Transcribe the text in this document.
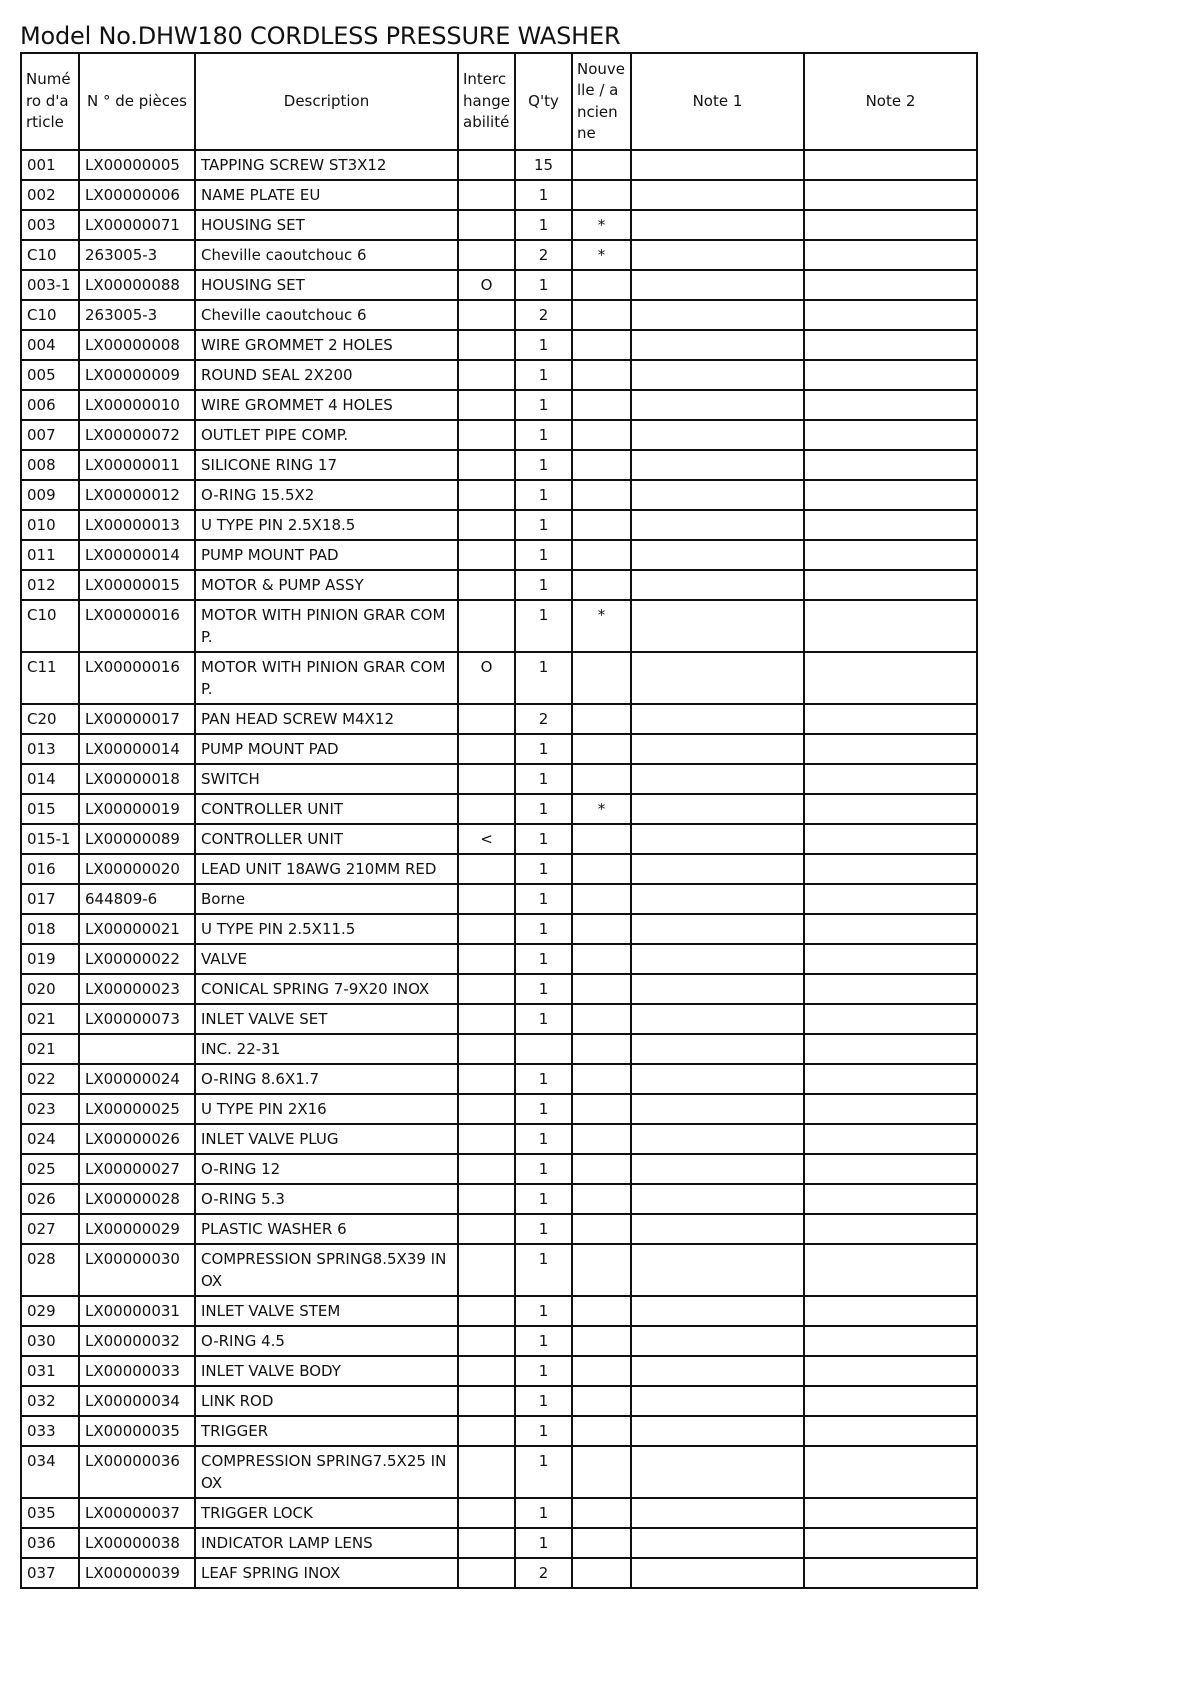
Model No.DHW180 CORDLESS PRESSURE WASHER
Numéro d'article	N ° de pièces	Description	Interchangeabilité	Q'ty	Nouvelle / ancienne	Note 1	Note 2
001	LX00000005	TAPPING SCREW ST3X12		15			
002	LX00000006	NAME PLATE EU		1			
003	LX00000071	HOUSING SET		1	*		
C10	263005-3	Cheville caoutchouc 6		2	*		
003-1	LX00000088	HOUSING SET	O	1			
C10	263005-3	Cheville caoutchouc 6		2			
004	LX00000008	WIRE GROMMET 2 HOLES		1			
005	LX00000009	ROUND SEAL 2X200		1			
006	LX00000010	WIRE GROMMET 4 HOLES		1			
007	LX00000072	OUTLET PIPE COMP.		1			
008	LX00000011	SILICONE RING 17		1			
009	LX00000012	O-RING 15.5X2		1			
010	LX00000013	U TYPE PIN 2.5X18.5		1			
011	LX00000014	PUMP MOUNT PAD		1			
012	LX00000015	MOTOR & PUMP ASSY		1			
C10	LX00000016	MOTOR WITH PINION GRAR COMP.		1	*		
C11	LX00000016	MOTOR WITH PINION GRAR COMP.	O	1			
C20	LX00000017	PAN HEAD SCREW M4X12		2			
013	LX00000014	PUMP MOUNT PAD		1			
014	LX00000018	SWITCH		1			
015	LX00000019	CONTROLLER UNIT		1	*		
015-1	LX00000089	CONTROLLER UNIT	<	1			
016	LX00000020	LEAD UNIT 18AWG 210MM RED		1			
017	644809-6	Borne		1			
018	LX00000021	U TYPE PIN 2.5X11.5		1			
019	LX00000022	VALVE		1			
020	LX00000023	CONICAL SPRING 7-9X20 INOX		1			
021	LX00000073	INLET VALVE SET		1			
021		INC. 22-31					
022	LX00000024	O-RING 8.6X1.7		1			
023	LX00000025	U TYPE PIN 2X16		1			
024	LX00000026	INLET VALVE PLUG		1			
025	LX00000027	O-RING 12		1			
026	LX00000028	O-RING 5.3		1			
027	LX00000029	PLASTIC WASHER 6		1			
028	LX00000030	COMPRESSION SPRING8.5X39 INOX		1			
029	LX00000031	INLET VALVE STEM		1			
030	LX00000032	O-RING 4.5		1			
031	LX00000033	INLET VALVE BODY		1			
032	LX00000034	LINK ROD		1			
033	LX00000035	TRIGGER		1			
034	LX00000036	COMPRESSION SPRING7.5X25 INOX		1			
035	LX00000037	TRIGGER LOCK		1			
036	LX00000038	INDICATOR LAMP LENS		1			
037	LX00000039	LEAF SPRING INOX		2			
